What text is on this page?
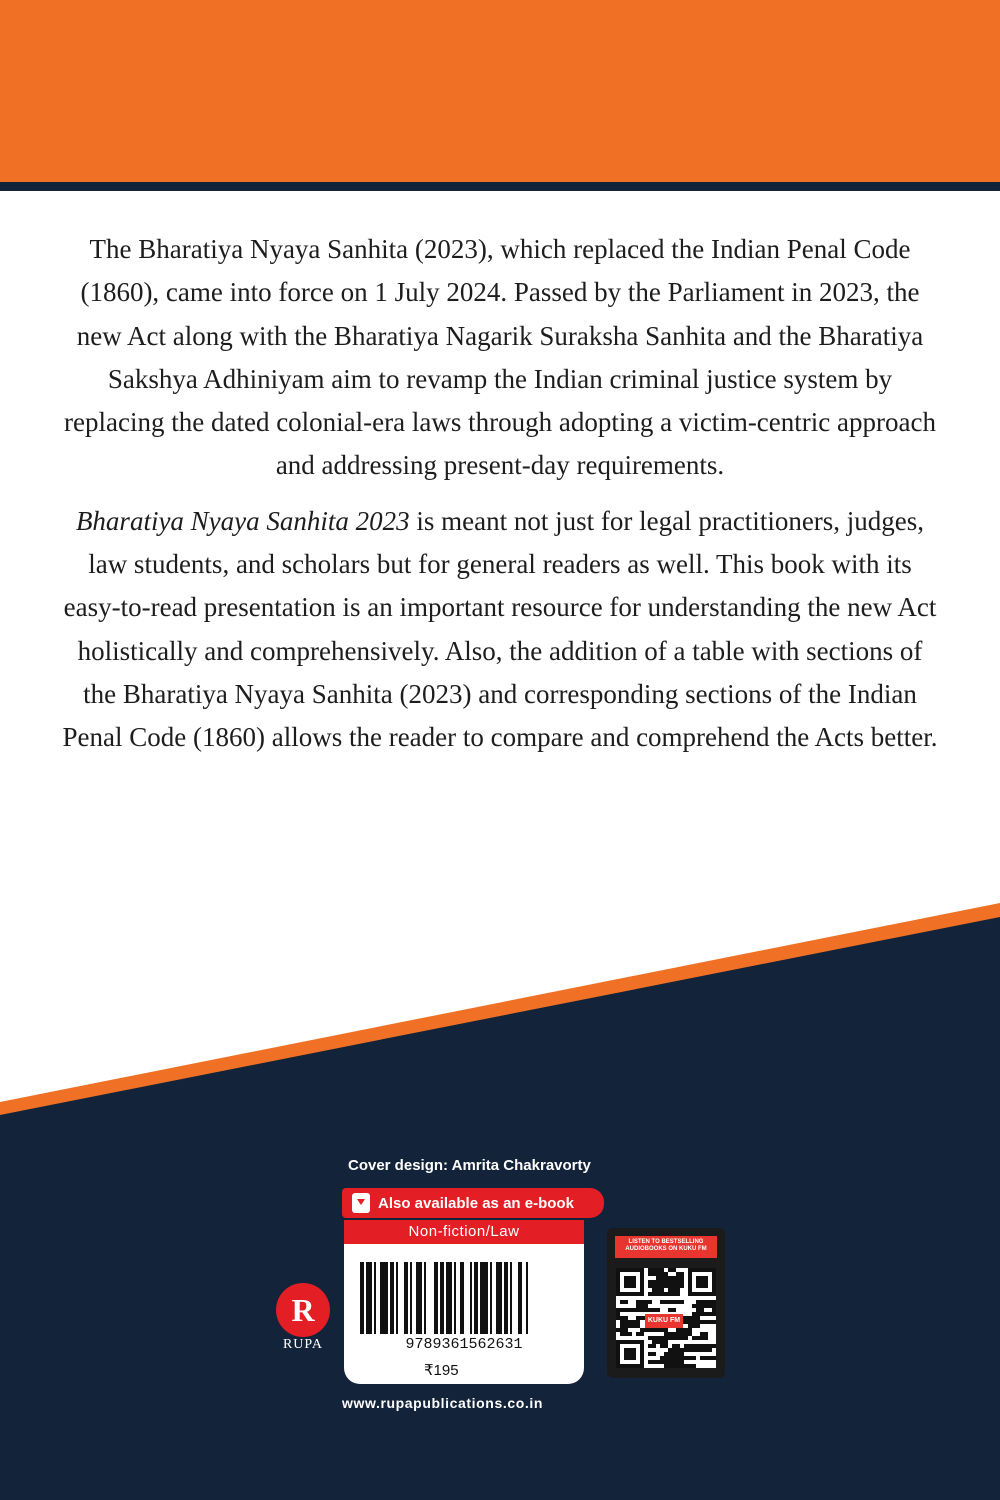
The Bharatiya Nyaya Sanhita (2023), which replaced the Indian Penal Code (1860), came into force on 1 July 2024. Passed by the Parliament in 2023, the new Act along with the Bharatiya Nagarik Suraksha Sanhita and the Bharatiya Sakshya Adhiniyam aim to revamp the Indian criminal justice system by replacing the dated colonial-era laws through adopting a victim-centric approach and addressing present-day requirements.

Bharatiya Nyaya Sanhita 2023 is meant not just for legal practitioners, judges, law students, and scholars but for general readers as well. This book with its easy-to-read presentation is an important resource for understanding the new Act holistically and comprehensively. Also, the addition of a table with sections of the Bharatiya Nyaya Sanhita (2023) and corresponding sections of the Indian Penal Code (1860) allows the reader to compare and comprehend the Acts better.

Cover design: Amrita Chakravorty
Also available as an e-book
Non-fiction/Law
9789361562631
₹195
R
RUPA
www.rupapublications.co.in
LISTEN TO BESTSELLING AUDIOBOOKS ON KUKU FM
KUKU FM
